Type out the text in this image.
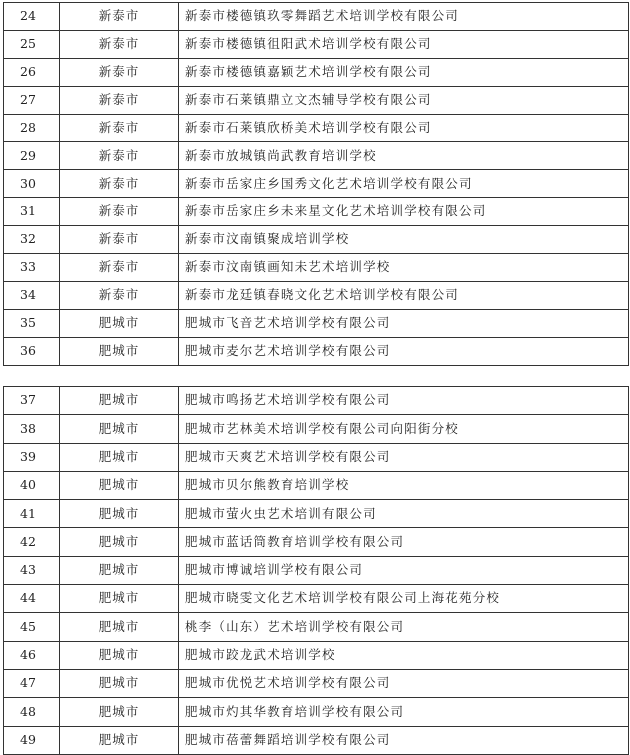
24	新泰市	新泰市楼德镇玖零舞蹈艺术培训学校有限公司
25	新泰市	新泰市楼德镇徂阳武术培训学校有限公司
26	新泰市	新泰市楼德镇嘉颖艺术培训学校有限公司
27	新泰市	新泰市石莱镇鼎立文杰辅导学校有限公司
28	新泰市	新泰市石莱镇欣桥美术培训学校有限公司
29	新泰市	新泰市放城镇尚武教育培训学校
30	新泰市	新泰市岳家庄乡国秀文化艺术培训学校有限公司
31	新泰市	新泰市岳家庄乡未来星文化艺术培训学校有限公司
32	新泰市	新泰市汶南镇聚成培训学校
33	新泰市	新泰市汶南镇画知未艺术培训学校
34	新泰市	新泰市龙廷镇春晓文化艺术培训学校有限公司
35	肥城市	肥城市飞音艺术培训学校有限公司
36	肥城市	肥城市麦尔艺术培训学校有限公司
37	肥城市	肥城市鸣扬艺术培训学校有限公司
38	肥城市	肥城市艺林美术培训学校有限公司向阳街分校
39	肥城市	肥城市天爽艺术培训学校有限公司
40	肥城市	肥城市贝尔熊教育培训学校
41	肥城市	肥城市萤火虫艺术培训有限公司
42	肥城市	肥城市蓝话筒教育培训学校有限公司
43	肥城市	肥城市博诚培训学校有限公司
44	肥城市	肥城市晓雯文化艺术培训学校有限公司上海花苑分校
45	肥城市	桃李（山东）艺术培训学校有限公司
46	肥城市	肥城市跤龙武术培训学校
47	肥城市	肥城市优悦艺术培训学校有限公司
48	肥城市	肥城市灼其华教育培训学校有限公司
49	肥城市	肥城市蓓蕾舞蹈培训学校有限公司
